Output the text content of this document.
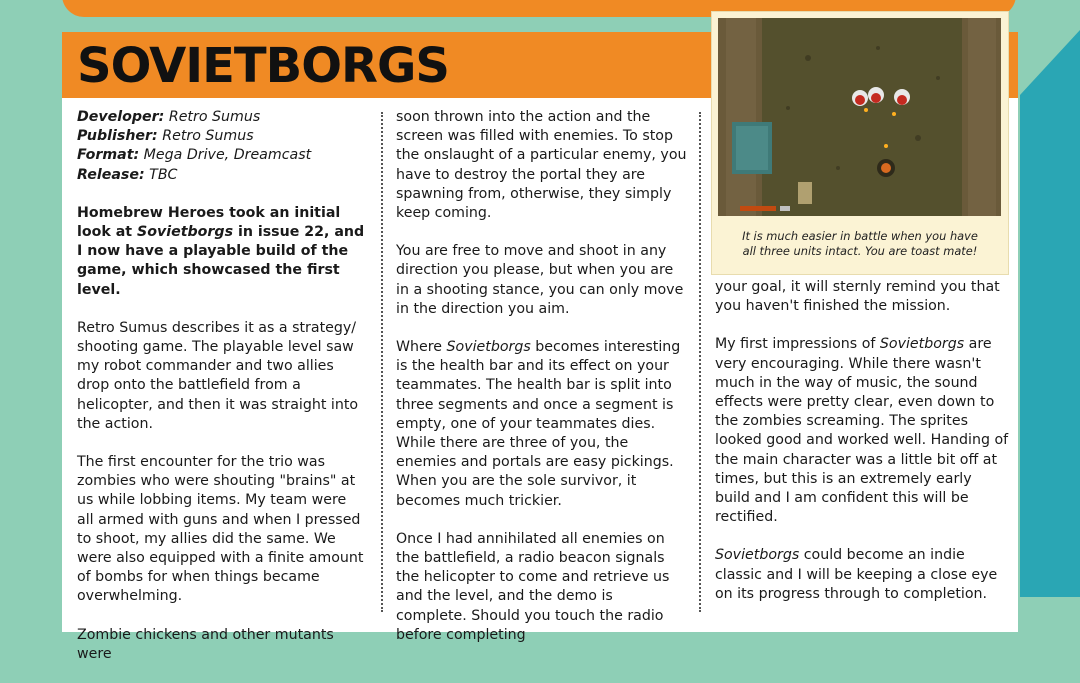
SOVIETBORGS

Developer: Retro Sumus
Publisher: Retro Sumus
Format: Mega Drive, Dreamcast
Release: TBC

Homebrew Heroes took an initial look at Sovietborgs in issue 22, and I now have a playable build of the game, which showcased the first level.

Retro Sumus describes it as a strategy/ shooting game. The playable level saw my robot commander and two allies drop onto the battlefield from a helicopter, and then it was straight into the action.

The first encounter for the trio was zombies who were shouting "brains" at us while lobbing items. My team were all armed with guns and when I pressed to shoot, my allies did the same. We were also equipped with a finite amount of bombs for when things became overwhelming.

Zombie chickens and other mutants were

soon thrown into the action and the screen was filled with enemies. To stop the onslaught of a particular enemy, you have to destroy the portal they are spawning from, otherwise, they simply keep coming.

You are free to move and shoot in any direction you please, but when you are in a shooting stance, you can only move in the direction you aim.

Where Sovietborgs becomes interesting is the health bar and its effect on your teammates. The health bar is split into three segments and once a segment is empty, one of your teammates dies. While there are three of you, the enemies and portals are easy pickings. When you are the sole survivor, it becomes much trickier.

Once I had annihilated all enemies on the battlefield, a radio beacon signals the helicopter to come and retrieve us and the level, and the demo is complete. Should you touch the radio before completing

your goal, it will sternly remind you that you haven't finished the mission.

My first impressions of Sovietborgs are very encouraging. While there wasn't much in the way of music, the sound effects were pretty clear, even down to the zombies screaming. The sprites looked good and worked well. Handing of the main character was a little bit off at times, but this is an extremely early build and I am confident this will be rectified.

Sovietborgs could become an indie classic and I will be keeping a close eye on its progress through to completion.

It is much easier in battle when you have
all three units intact. You are toast mate!
